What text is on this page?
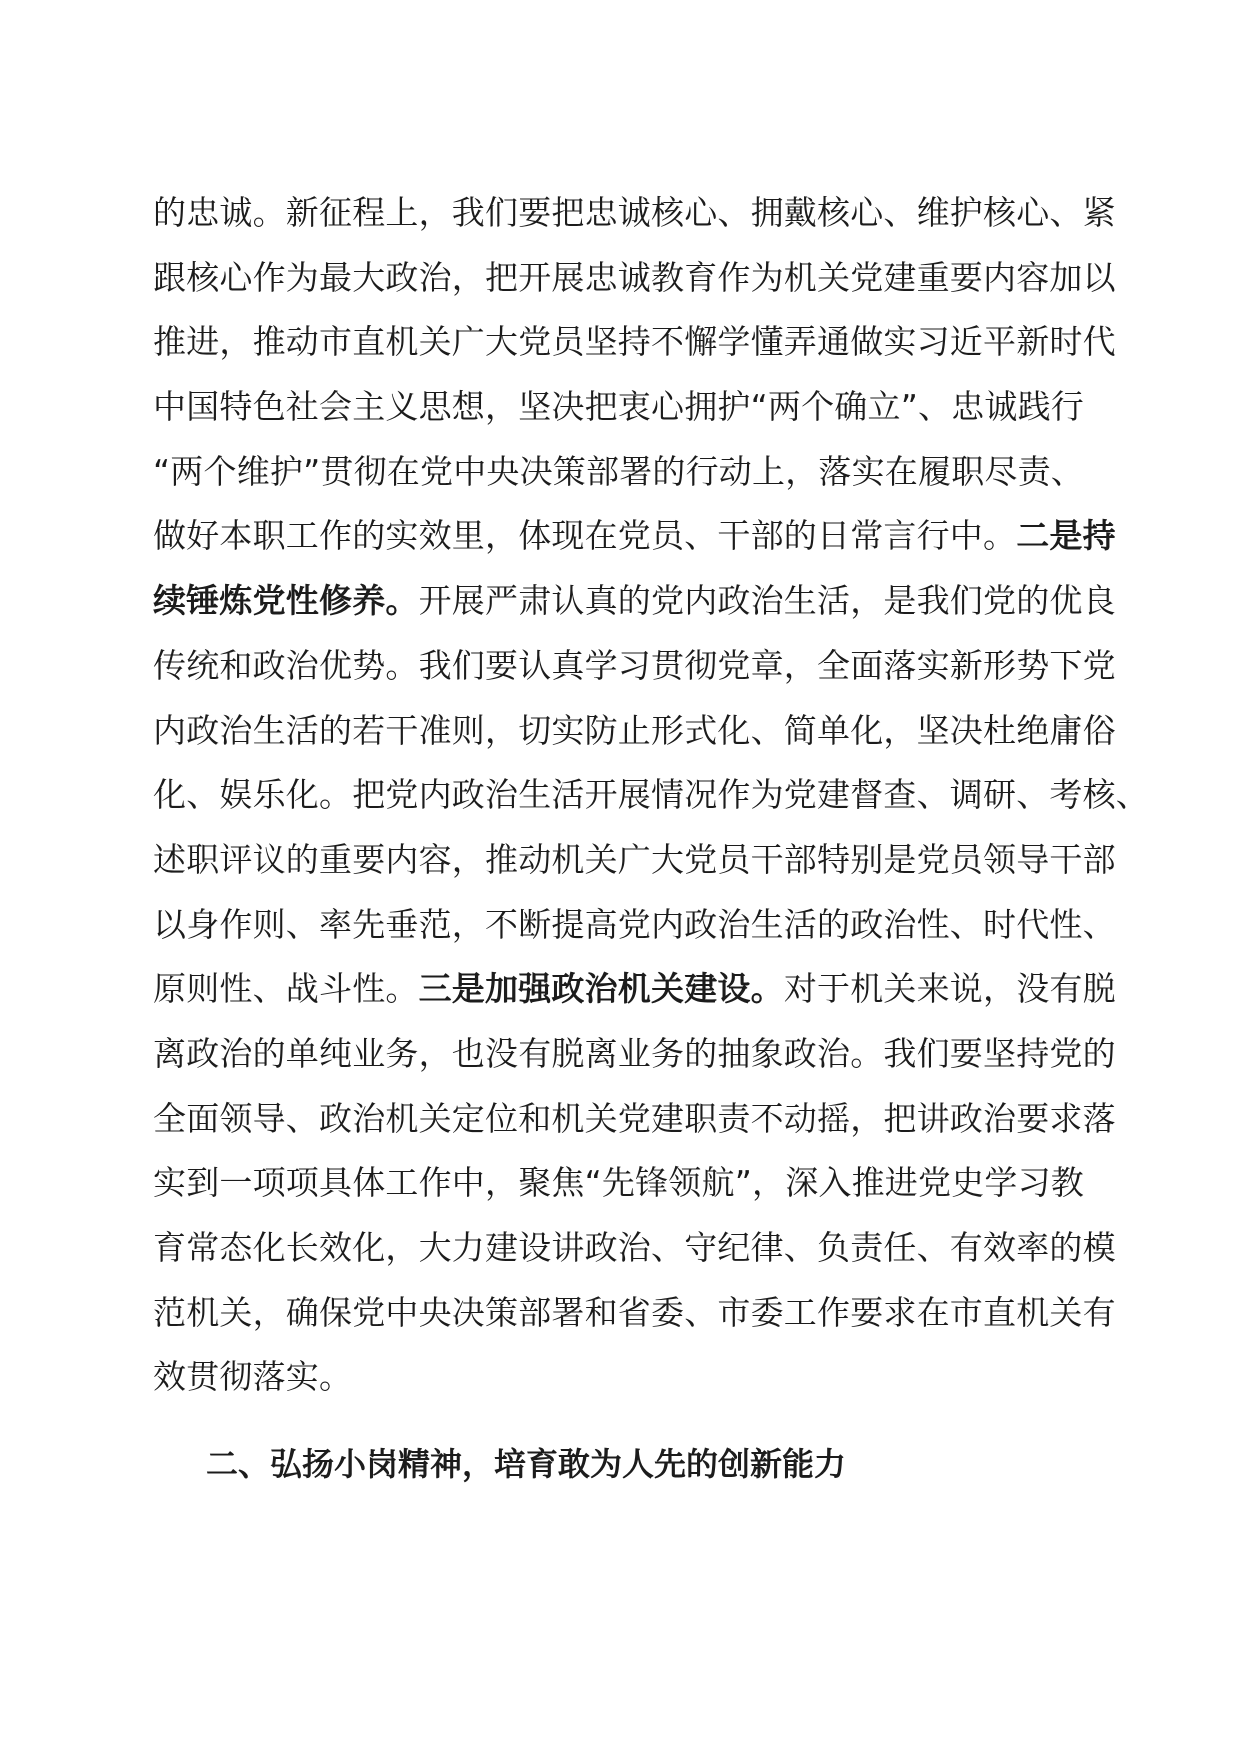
的忠诚。新征程上，我们要把忠诚核心、拥戴核心、维护核心、紧
跟核心作为最大政治，把开展忠诚教育作为机关党建重要内容加以
推进，推动市直机关广大党员坚持不懈学懂弄通做实习近平新时代
中国特色社会主义思想，坚决把衷心拥护“两个确立”、忠诚践行
“两个维护”贯彻在党中央决策部署的行动上，落实在履职尽责、
做好本职工作的实效里，体现在党员、干部的日常言行中。二是持
续锤炼党性修养。开展严肃认真的党内政治生活，是我们党的优良
传统和政治优势。我们要认真学习贯彻党章，全面落实新形势下党
内政治生活的若干准则，切实防止形式化、简单化，坚决杜绝庸俗
化、娱乐化。把党内政治生活开展情况作为党建督查、调研、考核、
述职评议的重要内容，推动机关广大党员干部特别是党员领导干部
以身作则、率先垂范，不断提高党内政治生活的政治性、时代性、
原则性、战斗性。三是加强政治机关建设。对于机关来说，没有脱
离政治的单纯业务，也没有脱离业务的抽象政治。我们要坚持党的
全面领导、政治机关定位和机关党建职责不动摇，把讲政治要求落
实到一项项具体工作中，聚焦“先锋领航”，深入推进党史学习教
育常态化长效化，大力建设讲政治、守纪律、负责任、有效率的模
范机关，确保党中央决策部署和省委、市委工作要求在市直机关有
效贯彻落实。
二、弘扬小岗精神，培育敢为人先的创新能力
